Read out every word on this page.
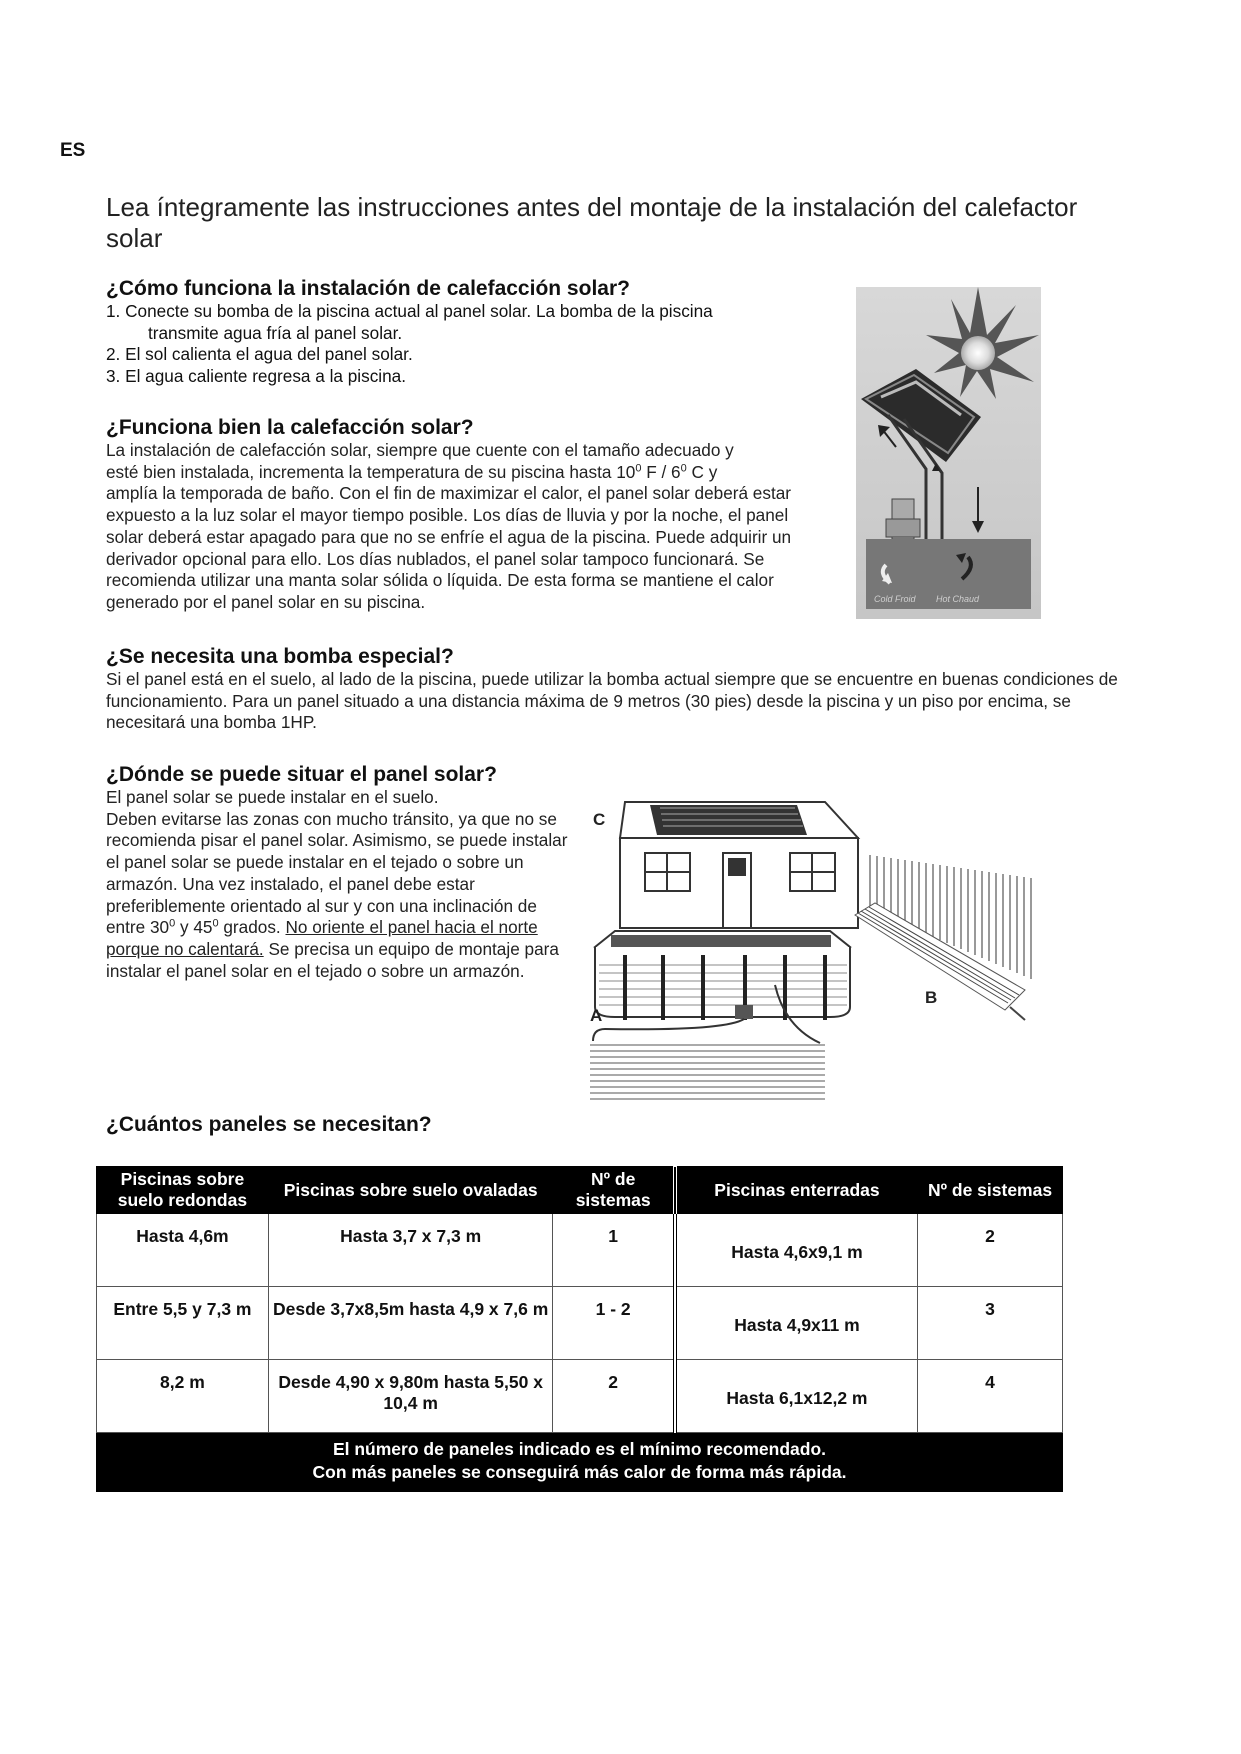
ES
Lea íntegramente las instrucciones antes del montaje de la instalación del calefactor solar
¿Cómo funciona la instalación de calefacción solar?
1. Conecte su bomba de la piscina actual al panel solar. La bomba de la piscina
transmite agua fría al panel solar.
2. El sol calienta el agua del panel solar.
3. El agua caliente regresa a la piscina.
¿Funciona bien la calefacción solar?

La instalación de calefacción solar, siempre que cuente con el tamaño adecuado y

esté bien instalada, incrementa la temperatura de su piscina hasta $10^0$ F / $6^0$ C y

amplía la temporada de baño. Con el fin de maximizar el calor, el panel solar deberá estar expuesto a la luz solar el mayor tiempo posible. Los días de lluvia y por la noche, el panel solar deberá estar apagado para que no se enfríe el agua de la piscina. Puede adquirir un derivador opcional para ello. Los días nublados, el panel solar tampoco funcionará. Se recomienda utilizar una manta solar sólida o líquida. De esta forma se mantiene el calor generado por el panel solar en su piscina.	Cold Froid Hot Chaud
¿Se necesita una bomba especial?
Si el panel está en el suelo, al lado de la piscina, puede utilizar la bomba actual siempre que se encuentre en buenas condiciones de funcionamiento. Para un panel situado a una distancia máxima de 9 metros (30 pies) desde la piscina y un piso por encima, se necesitará una bomba 1HP.
¿Dónde se puede situar el panel solar?

El panel solar se puede instalar en el suelo.

Deben evitarse las zonas con mucho tránsito, ya que no se recomienda pisar el panel solar. Asimismo, se puede instalar el panel solar se puede instalar en el tejado o sobre un armazón. Una vez instalado, el panel debe estar preferiblemente orientado al sur y con una inclinación de entre $30^0$ y $45^0$ grados. No oriente el panel hacia el norte porque no calentará. Se precisa un equipo de montaje para instalar el panel solar en el tejado o sobre un armazón.

A
B
C
¿Cuántos paneles se necesitan?
Piscinas sobre suelo redondas	Piscinas sobre suelo ovaladas	Nº de sistemas	Piscinas enterradas	Nº de sistemas
Hasta 4,6m	Hasta 3,7 x 7,3 m	1	Hasta 4,6x9,1 m	2
Entre 5,5 y 7,3 m	Desde 3,7x8,5m hasta 4,9 x 7,6 m	1 - 2	Hasta 4,9x11 m	3
8,2 m	Desde 4,90 x 9,80m hasta 5,50 x 10,4 m	2	Hasta 6,1x12,2 m	4

El número de paneles indicado es el mínimo recomendado.
Con más paneles se conseguirá más calor de forma más rápida.				
